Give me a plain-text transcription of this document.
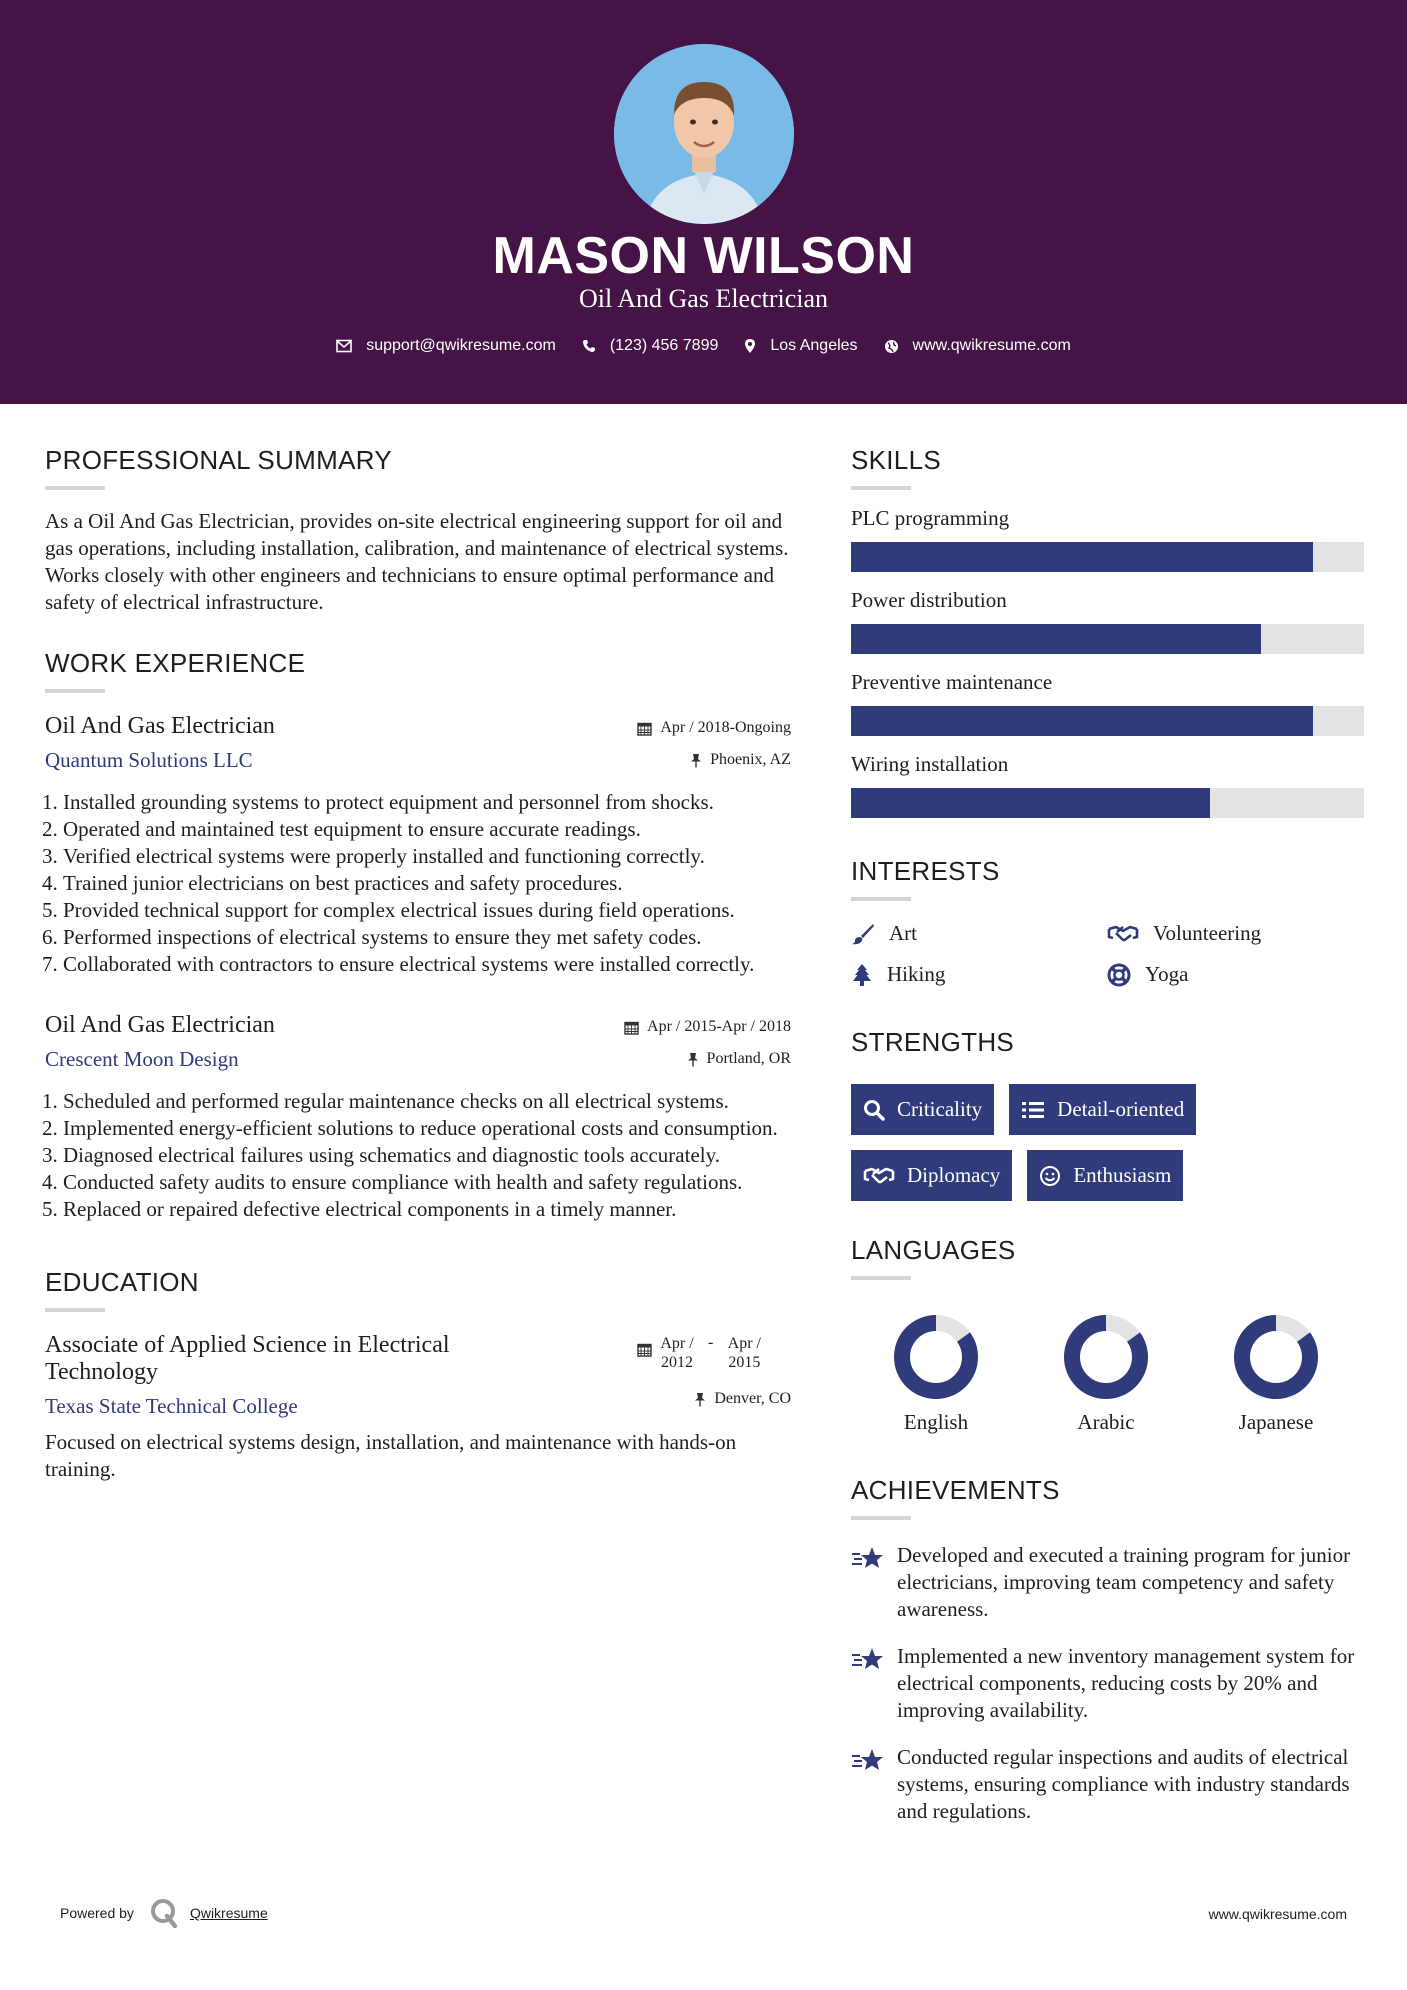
MASON WILSON
Oil And Gas Electrician
support@qwikresume.com	(123) 456 7899	Los Angeles	www.qwikresume.com
PROFESSIONAL SUMMARY
As a Oil And Gas Electrician, provides on-site electrical engineering support for oil and gas operations, including installation, calibration, and maintenance of electrical systems. Works closely with other engineers and technicians to ensure optimal performance and safety of electrical infrastructure.
WORK EXPERIENCE
Oil And Gas Electrician
Quantum Solutions LLC
Apr / 2018-Ongoing
Phoenix, AZ
1. Installed grounding systems to protect equipment and personnel from shocks.
2. Operated and maintained test equipment to ensure accurate readings.
3. Verified electrical systems were properly installed and functioning correctly.
4. Trained junior electricians on best practices and safety procedures.
5. Provided technical support for complex electrical issues during field operations.
6. Performed inspections of electrical systems to ensure they met safety codes.
7. Collaborated with contractors to ensure electrical systems were installed correctly.
Oil And Gas Electrician
Crescent Moon Design
Apr / 2015-Apr / 2018
Portland, OR
1. Scheduled and performed regular maintenance checks on all electrical systems.
2. Implemented energy-efficient solutions to reduce operational costs and consumption.
3. Diagnosed electrical failures using schematics and diagnostic tools accurately.
4. Conducted safety audits to ensure compliance with health and safety regulations.
5. Replaced or repaired defective electrical components in a timely manner.
EDUCATION
Associate of Applied Science in Electrical Technology
Texas State Technical College
Apr /
2012
- Apr /
2015
Denver, CO
Focused on electrical systems design, installation, and maintenance with hands-on training.
SKILLS
PLC programming
Power distribution
Preventive maintenance
Wiring installation
INTERESTS
Art	Volunteering
Hiking	Yoga
STRENGTHS
Criticality	Detail-oriented
Diplomacy	Enthusiasm
LANGUAGES
English	Arabic	Japanese
ACHIEVEMENTS
Developed and executed a training program for junior electricians, improving team competency and safety awareness.
Implemented a new inventory management system for electrical components, reducing costs by 20% and improving availability.
Conducted regular inspections and audits of electrical systems, ensuring compliance with industry standards and regulations.
Powered by	Qwikresume	www.qwikresume.com
